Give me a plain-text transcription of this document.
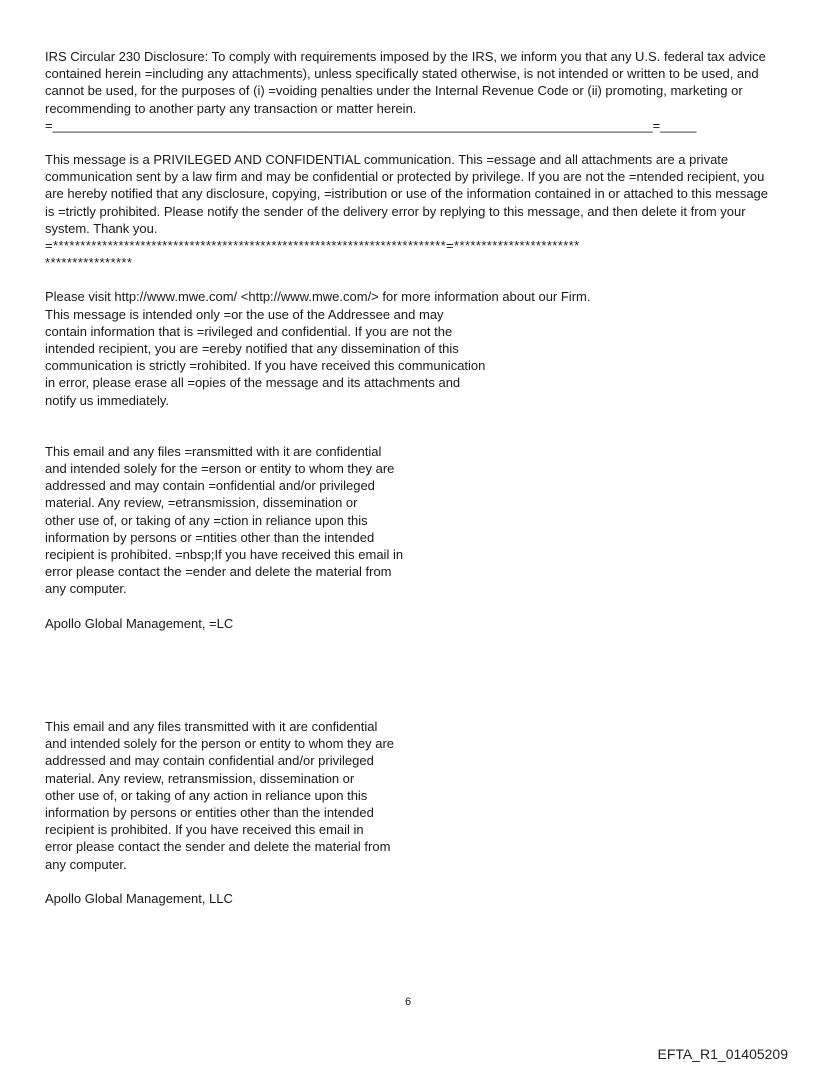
IRS Circular 230 Disclosure: To comply with requirements imposed by the IRS, we inform you that any U.S. federal tax advice contained herein =including any attachments), unless specifically stated otherwise, is not intended or written to be used, and cannot be used, for the purposes of (i) =voiding penalties under the Internal Revenue Code or (ii) promoting, marketing or recommending to another party any transaction or matter herein.

=___________________________________________________________________________________=_____

This message is a PRIVILEGED AND CONFIDENTIAL communication. This =essage and all attachments are a private communication sent by a law firm and may be confidential or protected by privilege. If you are not the =ntended recipient, you are hereby notified that any disclosure, copying, =istribution or use of the information contained in or attached to this message is =trictly prohibited. Please notify the sender of the delivery error by replying to this message, and then delete it from your system. Thank you.

=************************************************************************=***********************
****************

Please visit http://www.mwe.com/ <http://www.mwe.com/> for more information about our Firm.
This message is intended only =or the use of the Addressee and may
contain information that is =rivileged and confidential. If you are not the
intended recipient, you are =ereby notified that any dissemination of this
communication is strictly =rohibited. If you have received this communication
in error, please erase all =opies of the message and its attachments and
notify us immediately.

This email and any files =ransmitted with it are confidential
and intended solely for the =erson or entity to whom they are
addressed and may contain =onfidential and/or privileged
material. Any review, =etransmission, dissemination or
other use of, or taking of any =ction in reliance upon this
information by persons or =ntities other than the intended
recipient is prohibited. =nbsp;If you have received this email in
error please contact the =ender and delete the material from
any computer.

Apollo Global Management, =LC

This email and any files transmitted with it are confidential
and intended solely for the person or entity to whom they are
addressed and may contain confidential and/or privileged
material. Any review, retransmission, dissemination or
other use of, or taking of any action in reliance upon this
information by persons or entities other than the intended
recipient is prohibited. If you have received this email in
error please contact the sender and delete the material from
any computer.

Apollo Global Management, LLC

6
EFTA_R1_01405209
